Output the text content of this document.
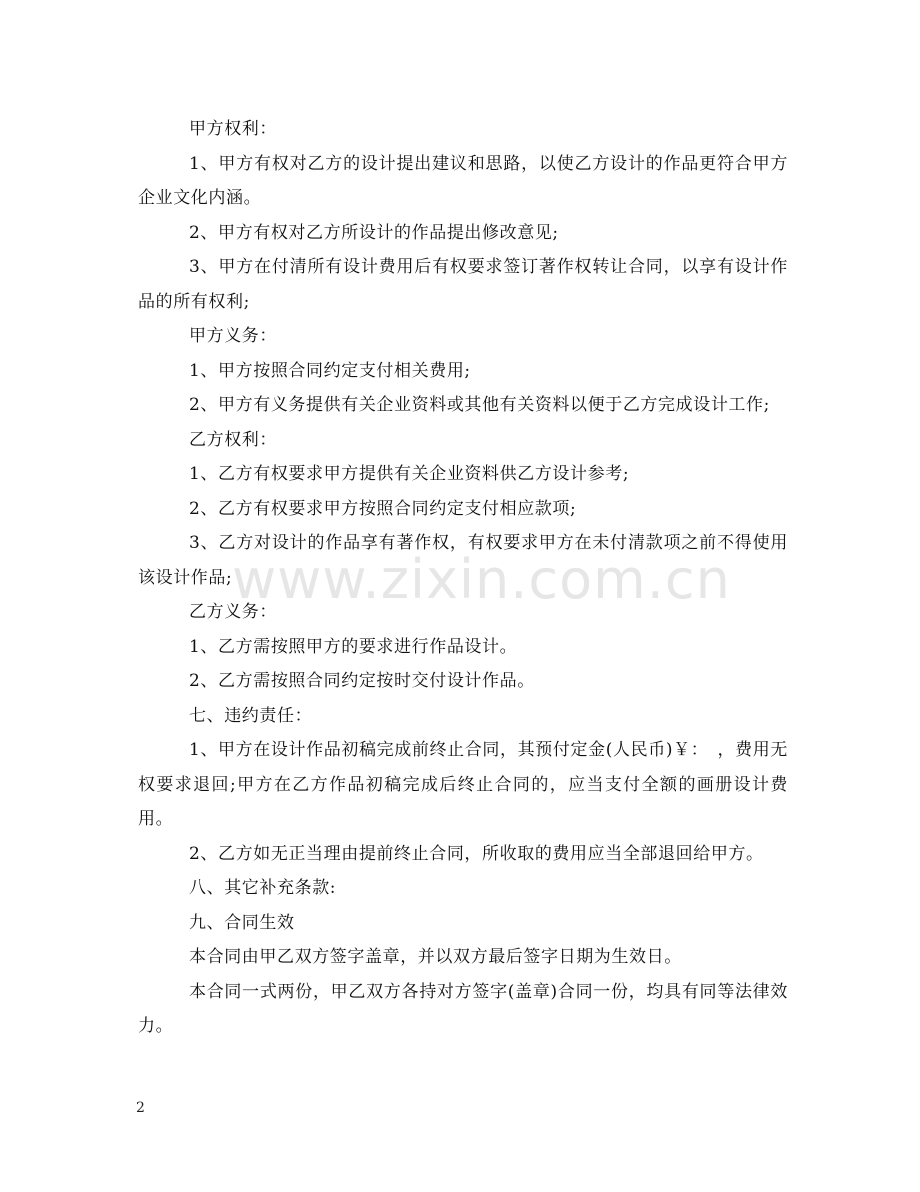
甲方权利：

1、甲方有权对乙方的设计提出建议和思路，以使乙方设计的作品更符合甲方企业文化内涵。

2、甲方有权对乙方所设计的作品提出修改意见;

3、甲方在付清所有设计费用后有权要求签订著作权转让合同，以享有设计作品的所有权利;

甲方义务：

1、甲方按照合同约定支付相关费用;

2、甲方有义务提供有关企业资料或其他有关资料以便于乙方完成设计工作;

乙方权利：

1、乙方有权要求甲方提供有关企业资料供乙方设计参考;

2、乙方有权要求甲方按照合同约定支付相应款项;

3、乙方对设计的作品享有著作权，有权要求甲方在未付清款项之前不得使用该设计作品;

乙方义务：

1、乙方需按照甲方的要求进行作品设计。

2、乙方需按照合同约定按时交付设计作品。

七、违约责任：

1、甲方在设计作品初稿完成前终止合同，其预付定金(人民币)￥：　，费用无权要求退回;甲方在乙方作品初稿完成后终止合同的，应当支付全额的画册设计费用。

2、乙方如无正当理由提前终止合同，所收取的费用应当全部退回给甲方。

八、其它补充条款:

九、合同生效

本合同由甲乙双方签字盖章，并以双方最后签字日期为生效日。

本合同一式两份，甲乙双方各持对方签字(盖章)合同一份，均具有同等法律效力。

www.zixin.com.cn
2
